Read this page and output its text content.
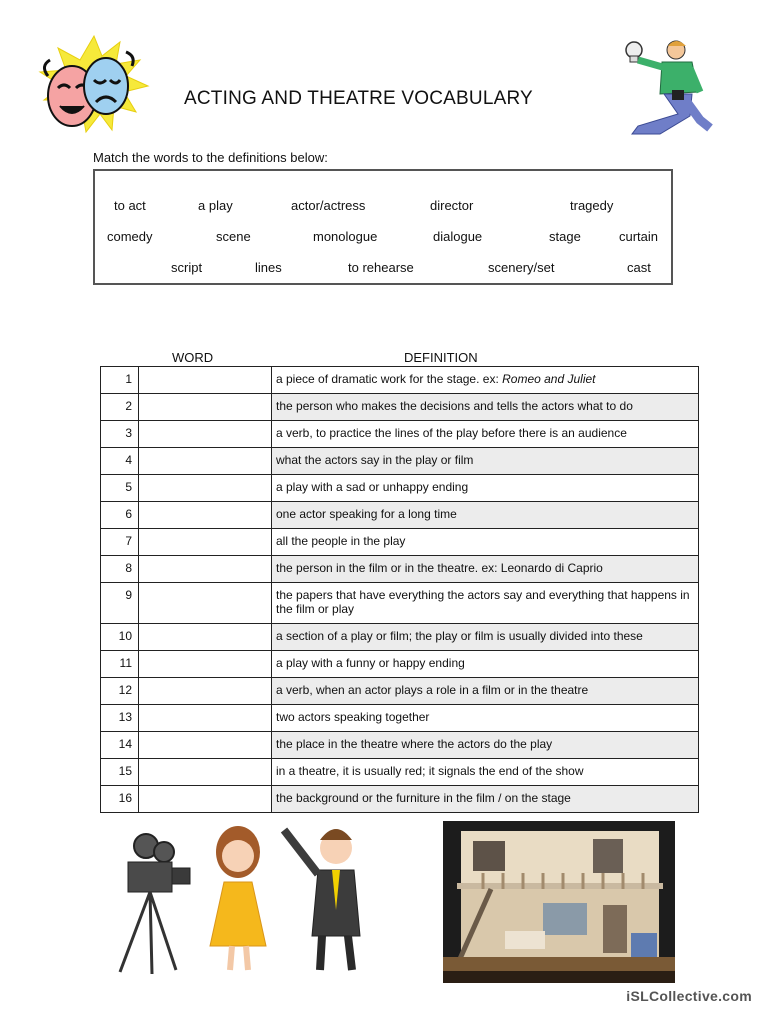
ACTING AND THEATRE VOCABULARY
Match the words to the definitions below:
to act	a play	actor/actress	director	tragedy
comedy	scene	monologue	dialogue	stage	curtain
script	lines	to rehearse	scenery/set	cast
WORD	DEFINITION
1		a piece of dramatic work for the stage. ex: Romeo and Juliet
2		the person who makes the decisions and tells the actors what to do
3		a verb, to practice the lines of the play before there is an audience
4		what the actors say in the play or film
5		a play with a sad or unhappy ending
6		one actor speaking for a long time
7		all the people in the play
8		the person in the film or in the theatre. ex: Leonardo di Caprio
9		the papers that have everything the actors say and everything that happens in the film or play
10		a section of a play or film; the play or film is usually divided into these
11		a play with a funny or happy ending
12		a verb, when an actor plays a role in a film or in the theatre
13		two actors speaking together
14		the place in the theatre where the actors do the play
15		in a theatre, it is usually red; it signals the end of the show
16		the background or the furniture in the film / on the stage
iSLCollective.com
